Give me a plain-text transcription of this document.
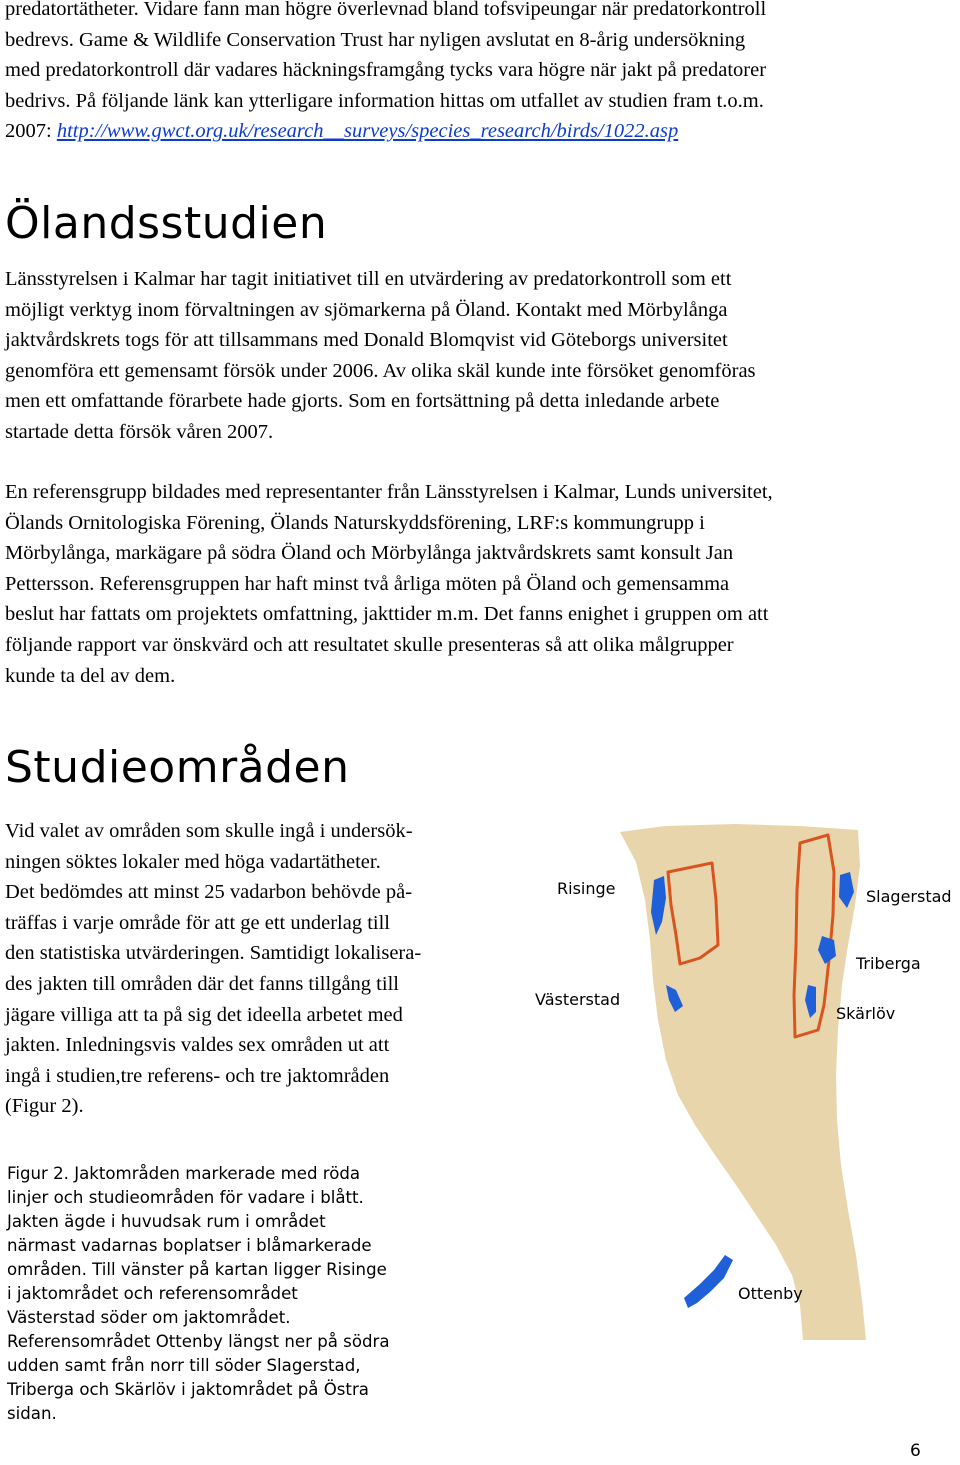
predatortätheter. Vidare fann man högre överlevnad bland tofsvipeungar när predatorkontroll
bedrevs. Game & Wildlife Conservation Trust har nyligen avslutat en 8-årig undersökning
med predatorkontroll där vadares häckningsframgång tycks vara högre när jakt på predatorer
bedrivs. På följande länk kan ytterligare information hittas om utfallet av studien fram t.o.m.
2007: http://www.gwct.org.uk/research__surveys/species_research/birds/1022.asp
Ölandsstudien
Länsstyrelsen i Kalmar har tagit initiativet till en utvärdering av predatorkontroll som ett
möjligt verktyg inom förvaltningen av sjömarkerna på Öland. Kontakt med Mörbylånga
jaktvårdskrets togs för att tillsammans med Donald Blomqvist vid Göteborgs universitet
genomföra ett gemensamt försök under 2006. Av olika skäl kunde inte försöket genomföras
men ett omfattande förarbete hade gjorts. Som en fortsättning på detta inledande arbete
startade detta försök våren 2007.
En referensgrupp bildades med representanter från Länsstyrelsen i Kalmar, Lunds universitet,
Ölands Ornitologiska Förening, Ölands Naturskyddsförening, LRF:s kommungrupp i
Mörbylånga, markägare på södra Öland och Mörbylånga jaktvårdskrets samt konsult Jan
Pettersson. Referensgruppen har haft minst två årliga möten på Öland och gemensamma
beslut har fattats om projektets omfattning, jakttider m.m. Det fanns enighet i gruppen om att
följande rapport var önskvärd och att resultatet skulle presenteras så att olika målgrupper
kunde ta del av dem.
Studieområden
Vid valet av områden som skulle ingå i undersök-
ningen söktes lokaler med höga vadartätheter.
Det bedömdes att minst 25 vadarbon behövde på-
träffas i varje område för att ge ett underlag till
den statistiska utvärderingen. Samtidigt lokalisera-
des jakten till områden där det fanns tillgång till
jägare villiga att ta på sig det ideella arbetet med
jakten. Inledningsvis valdes sex områden ut att
ingå i studien,tre referens- och tre jaktområden
(Figur 2).
Risinge
Västerstad
Slagerstad
Triberga
Skärlöv
Ottenby
Figur 2. Jaktområden markerade med röda
linjer och studieområden för vadare i blått.
Jakten ägde i huvudsak rum i området
närmast vadarnas boplatser i blåmarkerade
områden. Till vänster på kartan ligger Risinge
i jaktområdet och referensområdet
Västerstad söder om jaktområdet.
Referensområdet Ottenby längst ner på södra
udden samt från norr till söder Slagerstad,
Triberga och Skärlöv i jaktområdet på Östra
sidan.
6
